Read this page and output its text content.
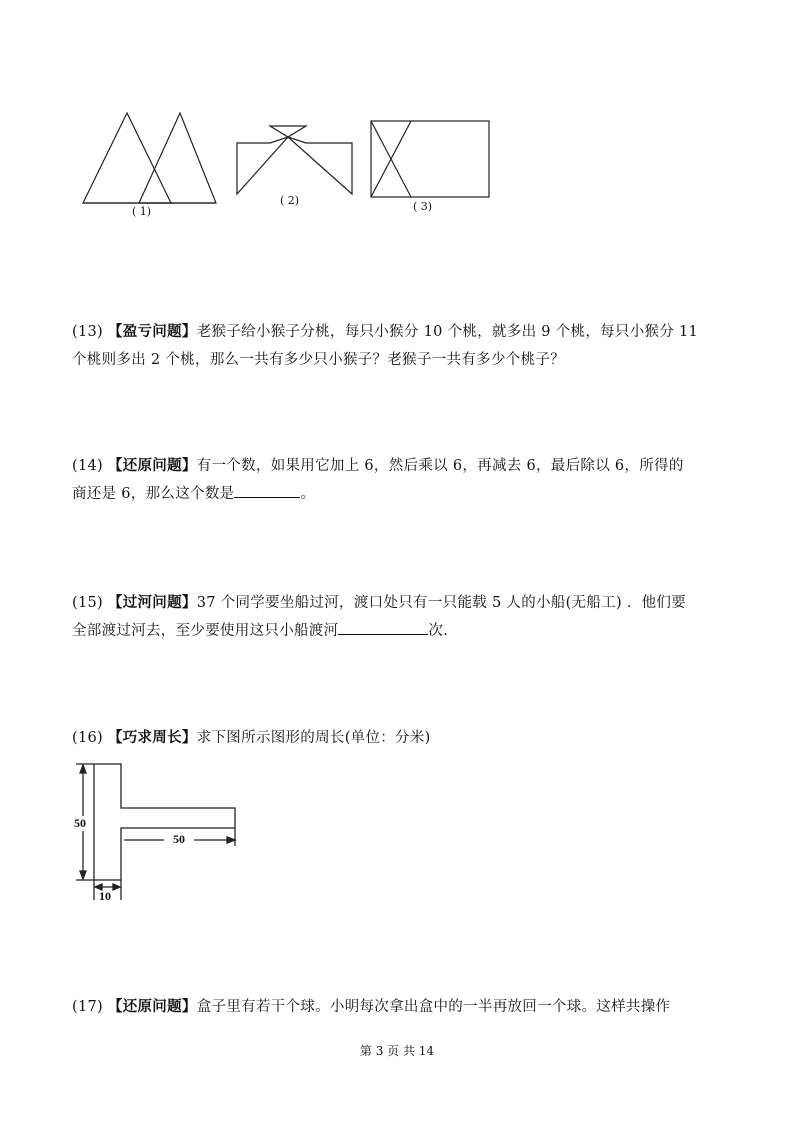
( 1)
( 2)	( 3)
(13) 【盈亏问题】老猴子给小猴子分桃，每只小猴分 10 个桃，就多出 9 个桃，每只小猴分 11
个桃则多出 2 个桃，那么一共有多少只小猴子？老猴子一共有多少个桃子？
(14) 【还原问题】有一个数，如果用它加上 6，然后乘以 6，再减去 6，最后除以 6，所得的
商还是 6，那么这个数是	。
(15) 【过河问题】37 个同学要坐船过河，渡口处只有一只能载 5 人的小船(无船工) ．他们要
全部渡过河去，至少要使用这只小船渡河	次.
(16) 【巧求周长】求下图所示图形的周长(单位：分米)
50
50
10
(17) 【还原问题】盒子里有若干个球。小明每次拿出盒中的一半再放回一个球。这样共操作
第 3 页 共 14
